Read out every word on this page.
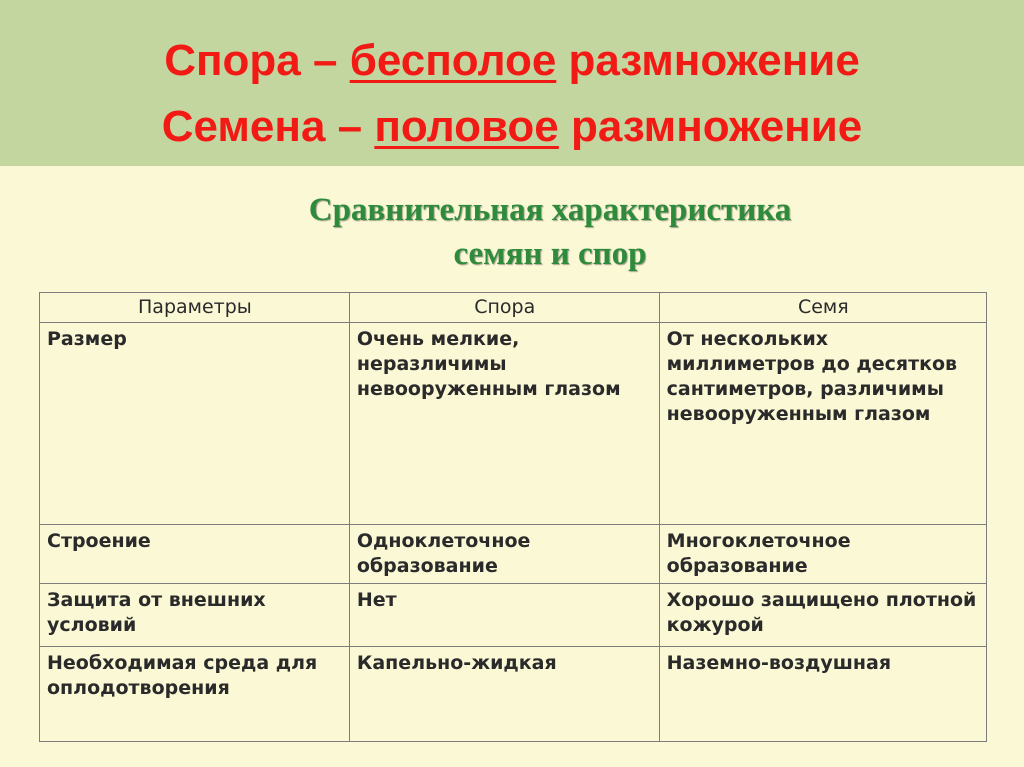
Спора – бесполое размножение
Семена – половое размножение
Сравнительная характеристика
семян и спор
Параметры	Спора	Семя
Размер	Очень мелкие, неразличимы невооруженным глазом	От нескольких миллиметров до десятков сантиметров, различимы невооруженным глазом
Строение	Одноклеточное образование	Многоклеточное образование
Защита от внешних условий	Нет	Хорошо защищено плотной кожурой
Необходимая среда для оплодотворения	Капельно-жидкая	Наземно-воздушная
